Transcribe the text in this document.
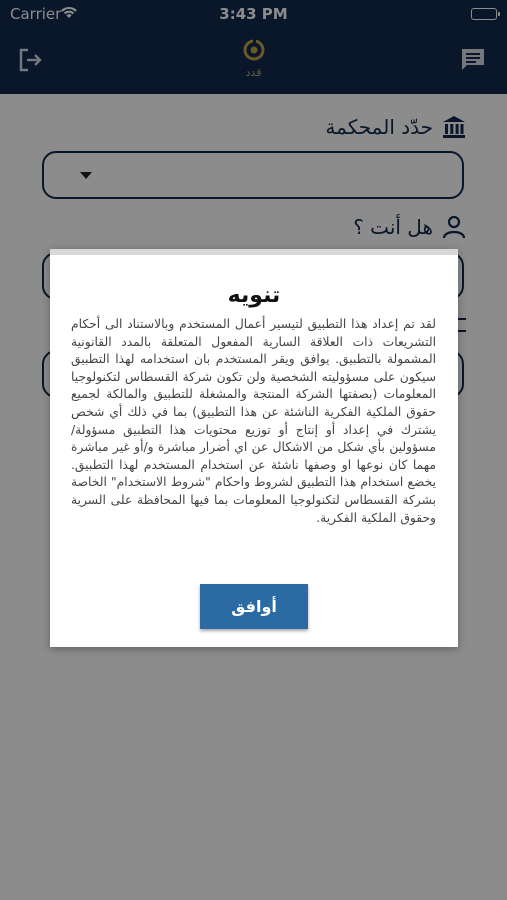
Carrier	3:43 PM
قدد
حدّد المحكمة
هل أنت ؟
تنويه
لقد تم إعداد هذا التطبيق لتيسير أعمال المستخدم وبالاستناد الى أحكام التشريعات ذات العلاقة السارية المفعول المتعلقة بالمدد القانونية المشمولة بالتطبيق. يوافق ويقر المستخدم بان استخدامه لهذا التطبيق سيكون على مسؤوليته الشخصية ولن تكون شركة القسطاس لتكنولوجيا المعلومات (بصفتها الشركة المنتجة والمشغلة للتطبيق والمالكة لجميع حقوق الملكية الفكرية الناشئة عن هذا التطبيق) بما في ذلك أي شخص يشترك في إعداد أو إنتاج أو توزيع محتويات هذا التطبيق مسؤولة/ مسؤولين بأي شكل من الاشكال عن اي أضرار مباشرة و/أو غير مباشرة مهما كان نوعها او وصفها ناشئة عن استخدام المستخدم لهذا التطبيق. يخضع استخدام هذا التطبيق لشروط واحكام "شروط الاستخدام" الخاصة بشركة القسطاس لتكنولوجيا المعلومات بما فيها المحافظة على السرية وحقوق الملكية الفكرية.
أوافق
